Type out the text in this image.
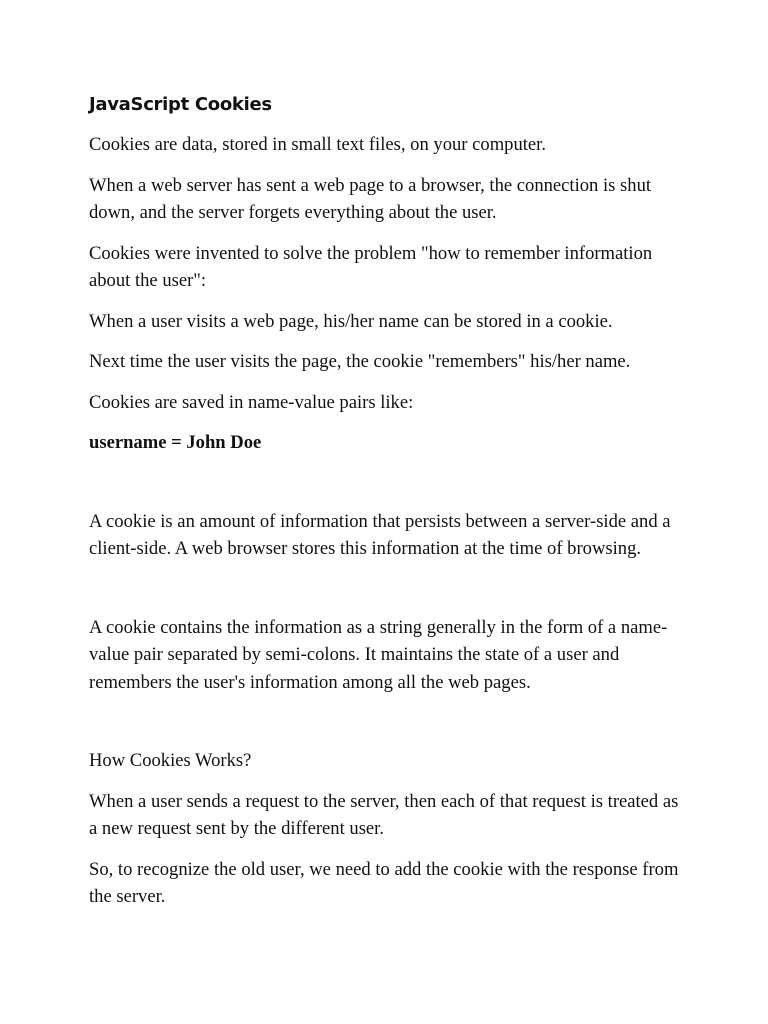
JavaScript Cookies

Cookies are data, stored in small text files, on your computer.

When a web server has sent a web page to a browser, the connection is shut down, and the server forgets everything about the user.

Cookies were invented to solve the problem "how to remember information about the user":

When a user visits a web page, his/her name can be stored in a cookie.

Next time the user visits the page, the cookie "remembers" his/her name.

Cookies are saved in name-value pairs like:

username = John Doe

A cookie is an amount of information that persists between a server-side and a client-side. A web browser stores this information at the time of browsing.

A cookie contains the information as a string generally in the form of a name-value pair separated by semi-colons. It maintains the state of a user and remembers the user's information among all the web pages.

How Cookies Works?

When a user sends a request to the server, then each of that request is treated as a new request sent by the different user.

So, to recognize the old user, we need to add the cookie with the response from the server.
